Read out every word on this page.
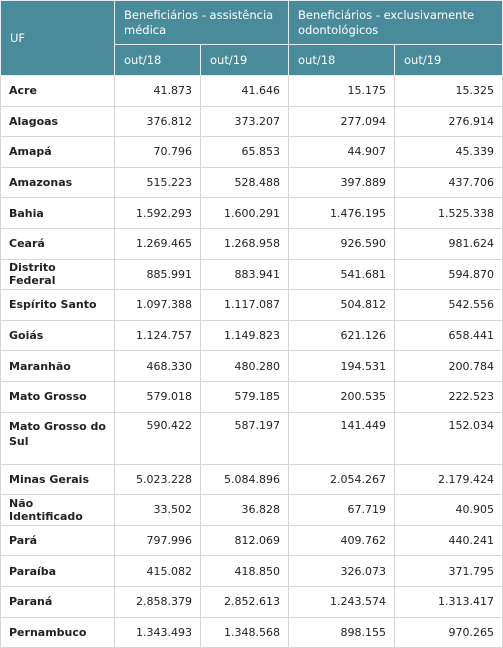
UF	Beneficiários - assistência médica		Beneficiários - exclusivamente odontológicos	
	out/18	out/19	out/18	out/19
Acre	41.873	41.646	15.175	15.325
Alagoas	376.812	373.207	277.094	276.914
Amapá	70.796	65.853	44.907	45.339
Amazonas	515.223	528.488	397.889	437.706
Bahia	1.592.293	1.600.291	1.476.195	1.525.338
Ceará	1.269.465	1.268.958	926.590	981.624
Distrito Federal	885.991	883.941	541.681	594.870
Espírito Santo	1.097.388	1.117.087	504.812	542.556
Goiás	1.124.757	1.149.823	621.126	658.441
Maranhão	468.330	480.280	194.531	200.784
Mato Grosso	579.018	579.185	200.535	222.523
Mato Grosso do Sul	590.422	587.197	141.449	152.034
Minas Gerais	5.023.228	5.084.896	2.054.267	2.179.424
Não Identificado	33.502	36.828	67.719	40.905
Pará	797.996	812.069	409.762	440.241
Paraíba	415.082	418.850	326.073	371.795
Paraná	2.858.379	2.852.613	1.243.574	1.313.417
Pernambuco	1.343.493	1.348.568	898.155	970.265
